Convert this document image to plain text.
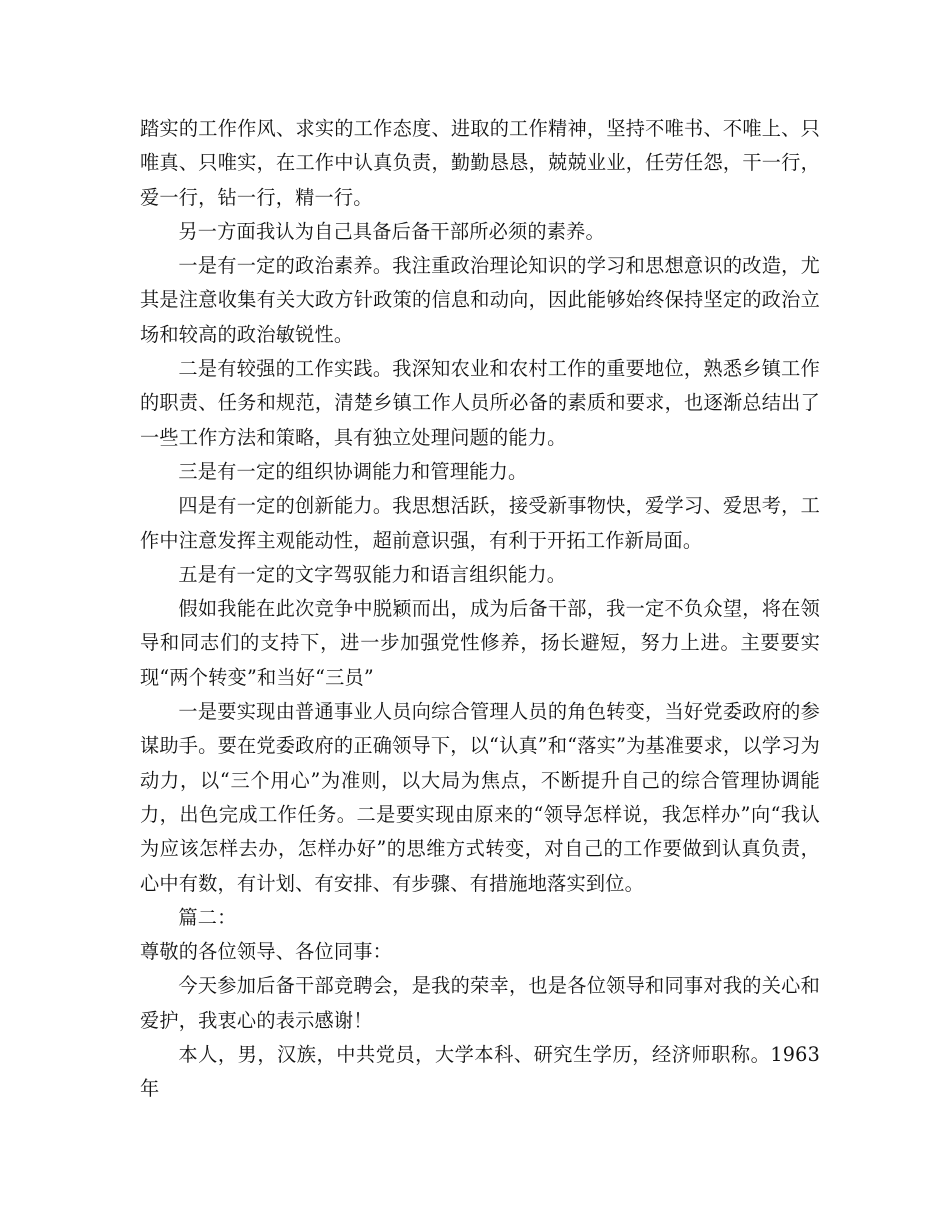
踏实的工作作风、求实的工作态度、进取的工作精神，坚持不唯书、不唯上、只唯真、只唯实，在工作中认真负责，勤勤恳恳，兢兢业业，任劳任怨，干一行，爱一行，钻一行，精一行。

另一方面我认为自己具备后备干部所必须的素养。

一是有一定的政治素养。我注重政治理论知识的学习和思想意识的改造，尤其是注意收集有关大政方针政策的信息和动向，因此能够始终保持坚定的政治立场和较高的政治敏锐性。

二是有较强的工作实践。我深知农业和农村工作的重要地位，熟悉乡镇工作的职责、任务和规范，清楚乡镇工作人员所必备的素质和要求，也逐渐总结出了一些工作方法和策略，具有独立处理问题的能力。

三是有一定的组织协调能力和管理能力。

四是有一定的创新能力。我思想活跃，接受新事物快，爱学习、爱思考，工作中注意发挥主观能动性，超前意识强，有利于开拓工作新局面。

五是有一定的文字驾驭能力和语言组织能力。

假如我能在此次竞争中脱颖而出，成为后备干部，我一定不负众望，将在领导和同志们的支持下，进一步加强党性修养，扬长避短，努力上进。主要要实现“两个转变”和当好“三员”

一是要实现由普通事业人员向综合管理人员的角色转变，当好党委政府的参谋助手。要在党委政府的正确领导下，以“认真”和“落实”为基准要求，以学习为动力，以“三个用心”为准则，以大局为焦点，不断提升自己的综合管理协调能力，出色完成工作任务。二是要实现由原来的“领导怎样说，我怎样办”向“我认为应该怎样去办，怎样办好”的思维方式转变，对自己的工作要做到认真负责，心中有数，有计划、有安排、有步骤、有措施地落实到位。

篇二：

尊敬的各位领导、各位同事：

今天参加后备干部竞聘会，是我的荣幸，也是各位领导和同事对我的关心和爱护，我衷心的表示感谢！

本人，男，汉族，中共党员，大学本科、研究生学历，经济师职称。1963年
